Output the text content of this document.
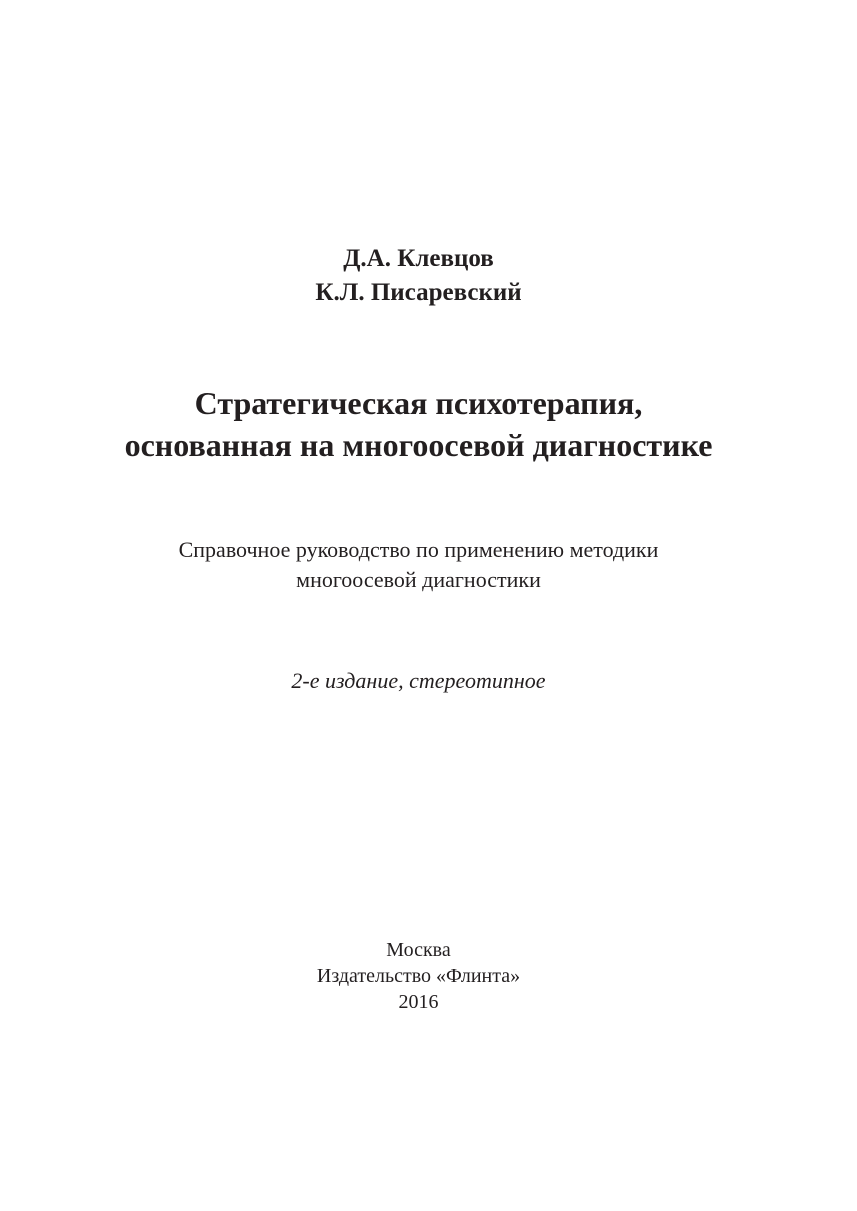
Д.А. Клевцов
К.Л. Писаревский
Стратегическая психотерапия,
основанная на многоосевой диагностике
Справочное руководство по применению методики
многоосевой диагностики
2-е издание, стереотипное
Москва
Издательство «Флинта»
2016
